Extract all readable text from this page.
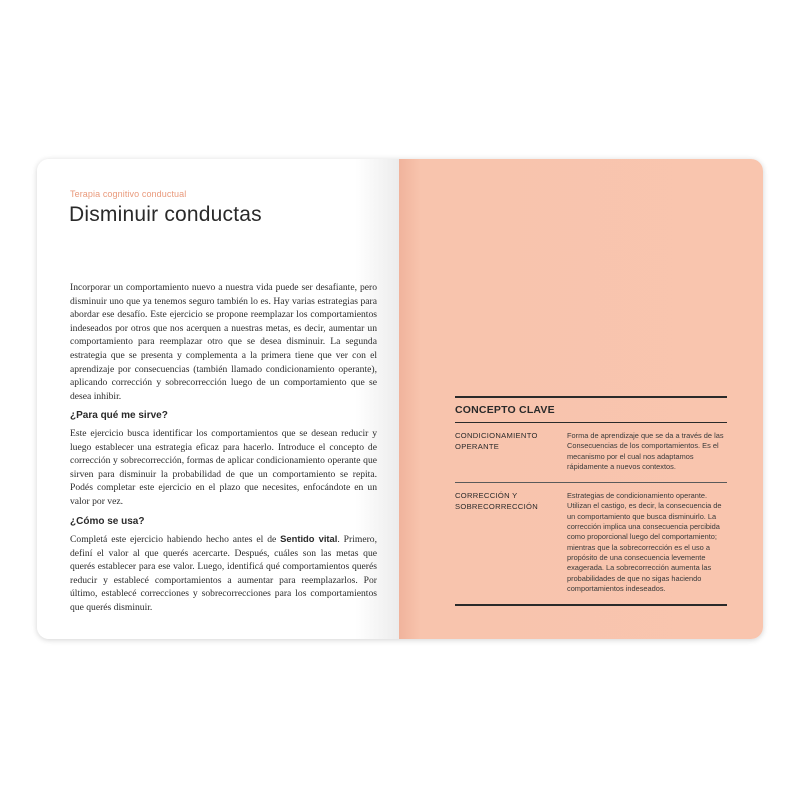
Terapia cognitivo conductual
Disminuir conductas

Incorporar un comportamiento nuevo a nuestra vida puede ser desafiante, pero disminuir uno que ya tenemos seguro también lo es. Hay varias estrategias para abordar ese desafío. Este ejercicio se propone reemplazar los comportamientos indeseados por otros que nos acerquen a nuestras metas, es decir, aumentar un comportamiento para reemplazar otro que se desea disminuir. La segunda estrategia que se presenta y complementa a la primera tiene que ver con el aprendizaje por consecuencias (también llamado condicionamiento operante), aplicando corrección y sobrecorrección luego de un comportamiento que se desea inhibir.

¿Para qué me sirve?

Este ejercicio busca identificar los comportamientos que se desean reducir y luego establecer una estrategia eficaz para hacerlo. Introduce el concepto de corrección y sobrecorrección, formas de aplicar condicionamiento operante que sirven para disminuir la probabilidad de que un comportamiento se repita. Podés completar este ejercicio en el plazo que necesites, enfocándote en un valor por vez.

¿Cómo se usa?

Completá este ejercicio habiendo hecho antes el de Sentido vital. Primero, definí el valor al que querés acercarte. Después, cuáles son las metas que querés establecer para ese valor. Luego, identificá qué comportamientos querés reducir y establecé comportamientos a aumentar para reemplazarlos. Por último, establecé correcciones y sobrecorrecciones para los comportamientos que querés disminuir.

CONCEPTO CLAVE
CONDICIONAMIENTO OPERANTE
Forma de aprendizaje que se da a través de las Consecuencias de los comportamientos. Es el mecanismo por el cual nos adaptamos rápidamente a nuevos contextos.
CORRECCIÓN Y SOBRECORRECCIÓN
Estrategias de condicionamiento operante. Utilizan el castigo, es decir, la consecuencia de un comportamiento que busca disminuirlo. La corrección implica una consecuencia percibida como proporcional luego del comportamiento; mientras que la sobrecorrección es el uso a propósito de una consecuencia levemente exagerada. La sobrecorrección aumenta las probabilidades de que no sigas haciendo comportamientos indeseados.
